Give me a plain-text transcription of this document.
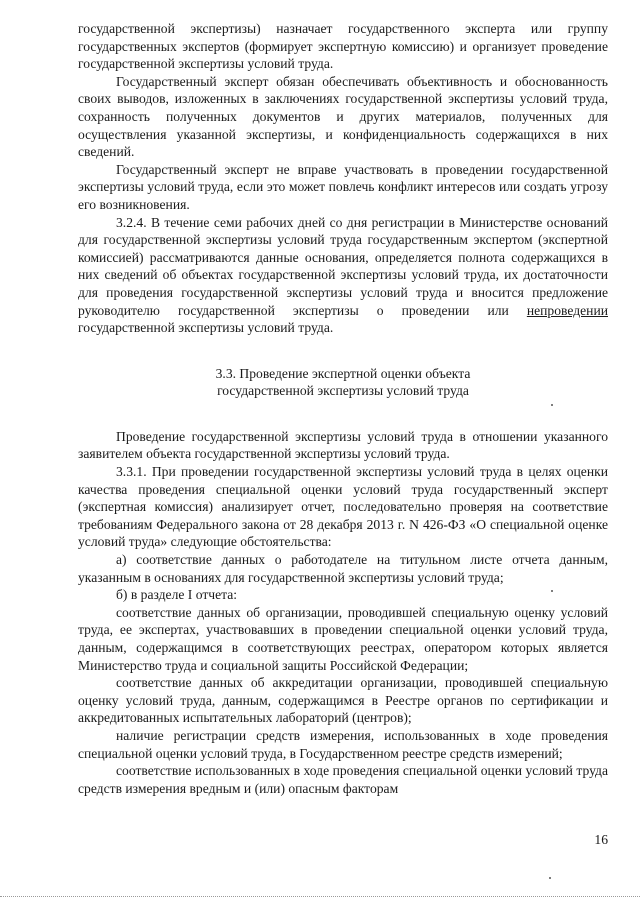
государственной экспертизы) назначает государственного эксперта или группу государственных экспертов (формирует экспертную комиссию) и организует проведение государственной экспертизы условий труда.

Государственный эксперт обязан обеспечивать объективность и обоснованность своих выводов, изложенных в заключениях государственной экспертизы условий труда, сохранность полученных документов и других материалов, полученных для осуществления указанной экспертизы, и конфиденциальность содержащихся в них сведений.

Государственный эксперт не вправе участвовать в проведении государственной экспертизы условий труда, если это может повлечь конфликт интересов или создать угрозу его возникновения.

3.2.4. В течение семи рабочих дней со дня регистрации в Министерстве оснований для государственной экспертизы условий труда государственным экспертом (экспертной комиссией) рассматриваются данные основания, определяется полнота содержащихся в них сведений об объектах государственной экспертизы условий труда, их достаточности для проведения государственной экспертизы условий труда и вносится предложение руководителю государственной экспертизы о проведении или непроведении государственной экспертизы условий труда.

3.3. Проведение экспертной оценки объекта
государственной экспертизы условий труда

Проведение государственной экспертизы условий труда в отношении указанного заявителем объекта государственной экспертизы условий труда.

3.3.1. При проведении государственной экспертизы условий труда в целях оценки качества проведения специальной оценки условий труда государственный эксперт (экспертная комиссия) анализирует отчет, последовательно проверяя на соответствие требованиям Федерального закона от 28 декабря 2013 г. N 426-ФЗ «О специальной оценке условий труда» следующие обстоятельства:

а) соответствие данных о работодателе на титульном листе отчета данным, указанным в основаниях для государственной экспертизы условий труда;

б) в разделе I отчета:

соответствие данных об организации, проводившей специальную оценку условий труда, ее экспертах, участвовавших в проведении специальной оценки условий труда, данным, содержащимся в соответствующих реестрах, оператором которых является Министерство труда и социальной защиты Российской Федерации;

соответствие данных об аккредитации организации, проводившей специальную оценку условий труда, данным, содержащимся в Реестре органов по сертификации и аккредитованных испытательных лабораторий (центров);

наличие регистрации средств измерения, использованных в ходе проведения специальной оценки условий труда, в Государственном реестре средств измерений;

соответствие использованных в ходе проведения специальной оценки условий труда средств измерения вредным и (или) опасным факторам

16
